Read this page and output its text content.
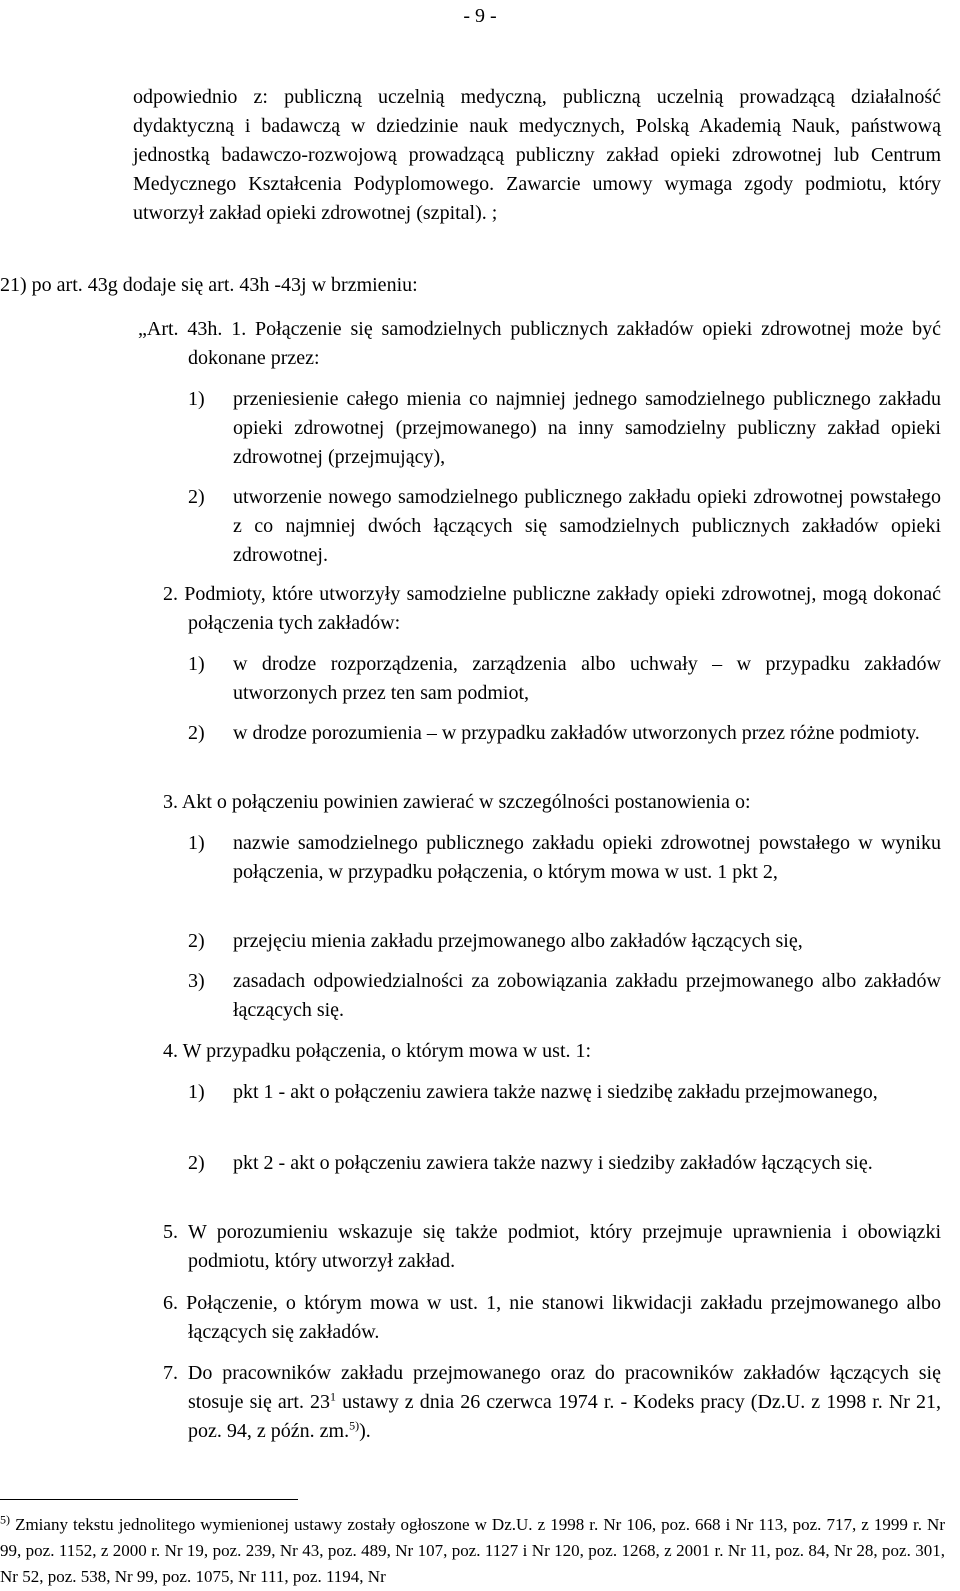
- 9 -
odpowiednio z: publiczną uczelnią medyczną, publiczną uczelnią prowadzącą działalność dydaktyczną i badawczą w dziedzinie nauk medycznych, Polską Akademią Nauk, państwową jednostką badawczo-rozwojową prowadzącą publiczny zakład opieki zdrowotnej lub Centrum Medycznego Kształcenia Podyplomowego. Zawarcie umowy wymaga zgody podmiotu, który utworzył zakład opieki zdrowotnej (szpital). ;
21) po art. 43g dodaje się art. 43h -43j w brzmieniu:
„Art. 43h. 1. Połączenie się samodzielnych publicznych zakładów opieki zdrowotnej może być dokonane przez:
1) przeniesienie całego mienia co najmniej jednego samodzielnego publicznego zakładu opieki zdrowotnej (przejmowanego) na inny samodzielny publiczny zakład opieki zdrowotnej (przejmujący),
2) utworzenie nowego samodzielnego publicznego zakładu opieki zdrowotnej powstałego z co najmniej dwóch łączących się samodzielnych publicznych zakładów opieki zdrowotnej.
2. Podmioty, które utworzyły samodzielne publiczne zakłady opieki zdrowotnej, mogą dokonać połączenia tych zakładów:
1) w drodze rozporządzenia, zarządzenia albo uchwały – w przypadku zakładów utworzonych przez ten sam podmiot,
2) w drodze porozumienia – w przypadku zakładów utworzonych przez różne podmioty.
3. Akt o połączeniu powinien zawierać w szczególności postanowienia o:
1) nazwie samodzielnego publicznego zakładu opieki zdrowotnej powstałego w wyniku połączenia, w przypadku połączenia, o którym mowa w ust. 1 pkt 2,
2) przejęciu mienia zakładu przejmowanego albo zakładów łączących się,
3) zasadach odpowiedzialności za zobowiązania zakładu przejmowanego albo zakładów łączących się.
4. W przypadku połączenia, o którym mowa w ust. 1:
1) pkt 1 - akt o połączeniu zawiera także nazwę i siedzibę zakładu przejmowanego,
2) pkt 2 - akt o połączeniu zawiera także nazwy i siedziby zakładów łączących się.
5. W porozumieniu wskazuje się także podmiot, który przejmuje uprawnienia i obowiązki podmiotu, który utworzył zakład.
6. Połączenie, o którym mowa w ust. 1, nie stanowi likwidacji zakładu przejmowanego albo łączących się zakładów.
7. Do pracowników zakładu przejmowanego oraz do pracowników zakładów łączących się stosuje się art. $23^1$ ustawy z dnia 26 czerwca 1974 r. - Kodeks pracy (Dz.U. z 1998 r. Nr 21, poz. 94, z późn. zm.$^{5)}$).
$^{5)}$ Zmiany tekstu jednolitego wymienionej ustawy zostały ogłoszone w Dz.U. z 1998 r. Nr 106, poz. 668 i Nr 113, poz. 717, z 1999 r. Nr 99, poz. 1152, z 2000 r. Nr 19, poz. 239, Nr 43, poz. 489, Nr 107, poz. 1127 i Nr 120, poz. 1268, z 2001 r. Nr 11, poz. 84, Nr 28, poz. 301, Nr 52, poz. 538, Nr 99, poz. 1075, Nr 111, poz. 1194, Nr
